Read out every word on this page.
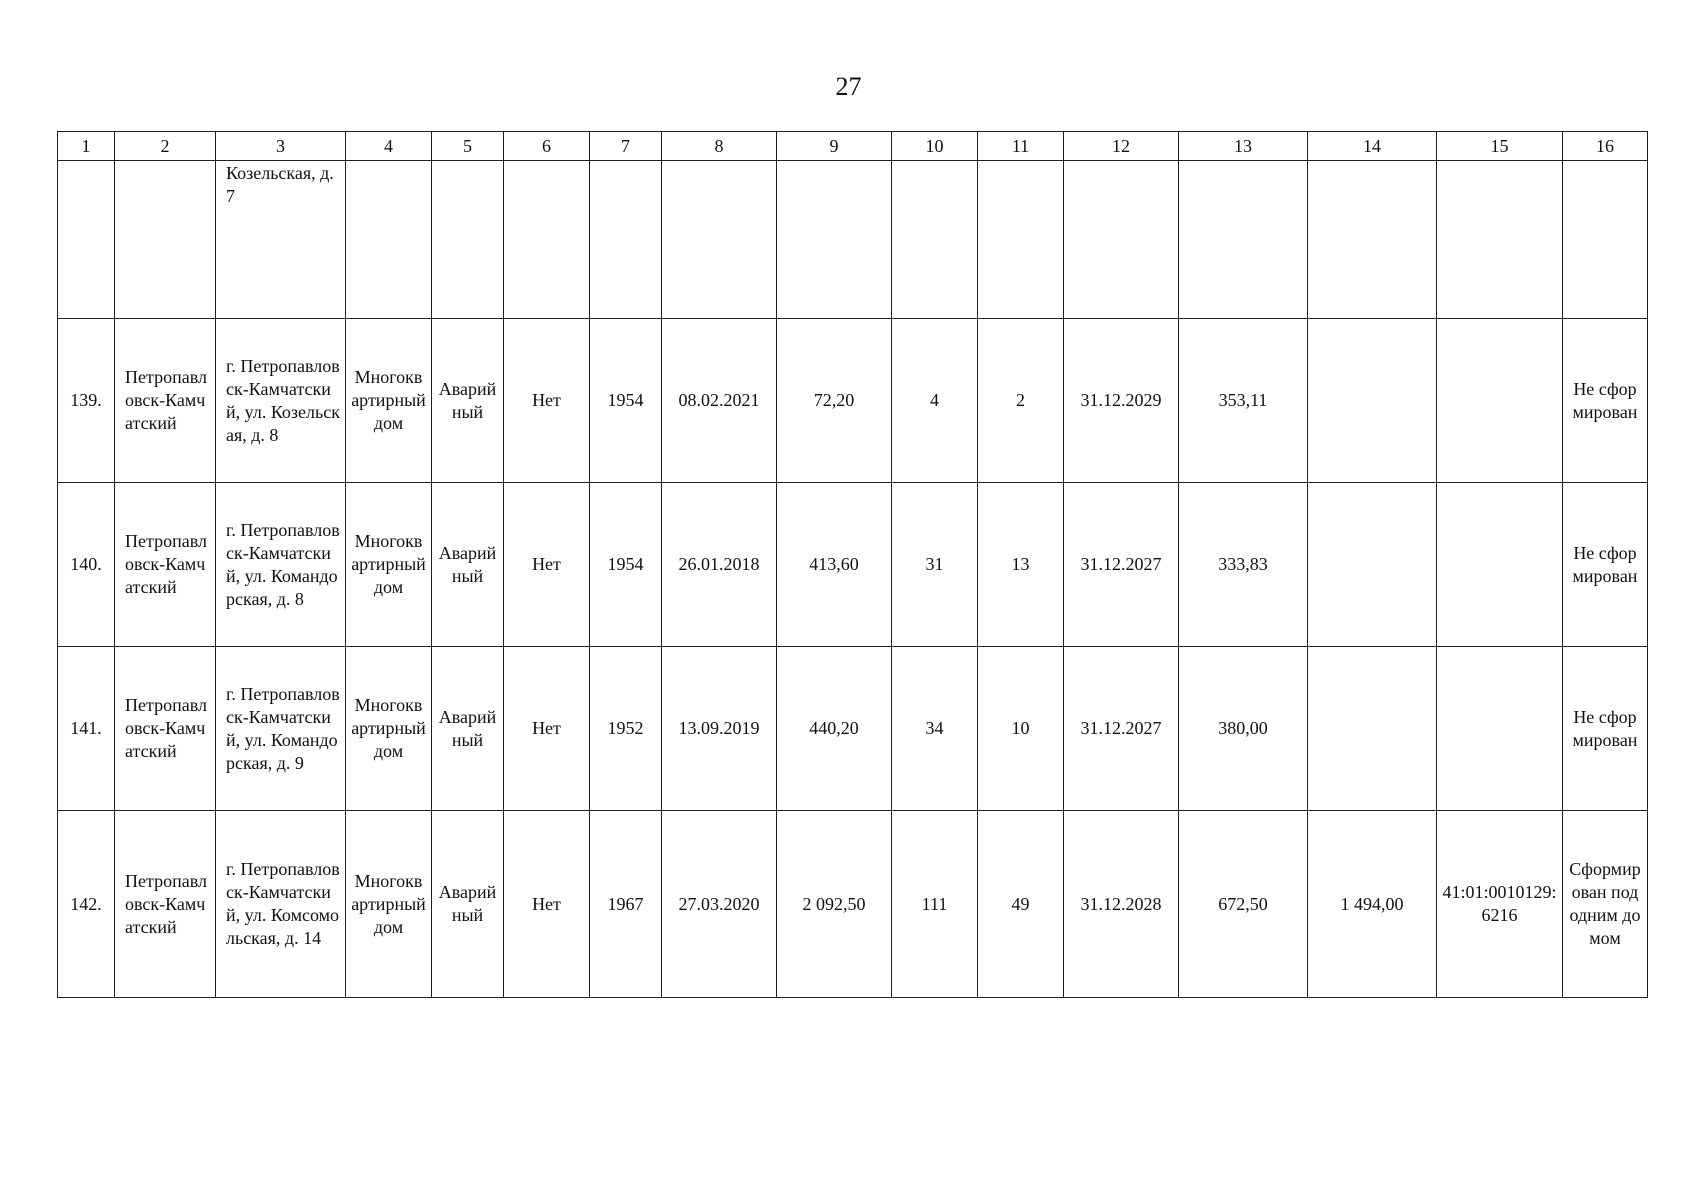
27
1	2	3	4	5	6	7	8	9	10	11	12	13	14	15	16
		Козельская, д. 7													
139.	Петропавловск-Камчатский	г. Петропавловск-Камчатский, ул. Козельская, д. 8	Многоквартирный дом	Аварийный	Нет	1954	08.02.2021	72,20	4	2	31.12.2029	353,11			Не сформирован
140.	Петропавловск-Камчатский	г. Петропавловск-Камчатский, ул. Командорская, д. 8	Многоквартирный дом	Аварийный	Нет	1954	26.01.2018	413,60	31	13	31.12.2027	333,83			Не сформирован
141.	Петропавловск-Камчатский	г. Петропавловск-Камчатский, ул. Командорская, д. 9	Многоквартирный дом	Аварийный	Нет	1952	13.09.2019	440,20	34	10	31.12.2027	380,00			Не сформирован
142.	Петропавловск-Камчатский	г. Петропавловск-Камчатский, ул. Комсомольская, д. 14	Многоквартирный дом	Аварийный	Нет	1967	27.03.2020	2 092,50	111	49	31.12.2028	672,50	1 494,00	41:01:0010129:6216	Сформирован под одним домом
